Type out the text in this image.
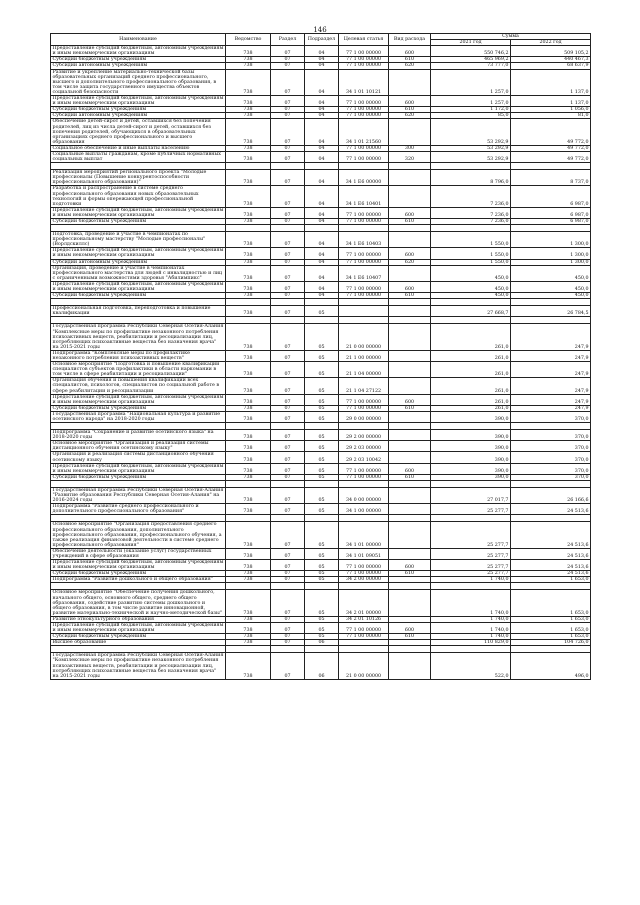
146
Наименование	Ведомство	Раздел	Подраздел	Целевая статья	Вид расхода	Сумма	
						2021 год	2022 год
Предоставление субсидий бюджетным, автономным учреждениям и иным некоммерческим организациям	738	07	04	77 1 00 00000	600	550 746,2	509 105,2
Субсидии бюджетным учреждениям	738	07	04	77 1 00 00000	610	465 969,2	440 467,3
Субсидии автономным учреждениям	738	07	04	77 1 00 00000	620	73 777,0	68 637,9
Развитие и укрепление материально-технической базы образовательных организаций среднего профессионального, высшего и дополнительного профессионального образования, в том числе защита государственного имущества объектов социальной безопасности	738	07	04	34 1 01 10121		1 257,0	1 137,0
Предоставление субсидий бюджетным, автономным учреждениям и иным некоммерческим организациям	738	07	04	77 1 00 00000	600	1 257,0	1 137,0
Субсидии бюджетным учреждениям	738	07	04	77 1 00 00000	610	1 172,0	1 056,0
Субсидии автономным учреждениям	738	07	04	77 1 00 00000	620	85,0	81,0
Обеспечение детей-сирот и детей, оставшихся без попечения родителей, лиц из числа детей-сирот и детей, оставшихся без попечения родителей, обучающихся в образовательных организациях среднего профессионального и высшего образования	738	07	04	34 1 01 21560		53 292,9	49 772,0
Социальное обеспечение и иные выплаты населению	738	07	04	77 1 00 00000	300	53 292,9	49 772,0
Социальные выплаты гражданам, кроме публичных нормативных социальных выплат	738	07	04	77 1 00 00000	320	53 292,9	49 772,0

Реализация мероприятий регионального проекта "Молодые профессионалы (Повышение конкурентоспособности профессионального образования)"	738	07	04	34 1 E6 00000		8 796,0	8 737,0
Разработка и распространение в системе среднего профессионального образования новых образовательных технологий и формы опережающей профессиональной подготовки	738	07	04	34 1 E6 10401		7 236,0	6 987,0
Предоставление субсидий бюджетным, автономным учреждениям и иным некоммерческим организациям	738	07	04	77 1 00 00000	600	7 236,0	6 987,0
Субсидии бюджетным учреждениям	738	07	04	77 1 00 00000	610	7 236,0	6 987,0

Подготовка, проведение и участие в чемпионатах по профессиональному мастерству "Молодые профессионалы" (Ворлдскиллс)	738	07	04	34 1 E6 10403		1 550,0	1 300,0
Предоставление субсидий бюджетным, автономным учреждениям и иным некоммерческим организациям	738	07	04	77 1 00 00000	600	1 550,0	1 300,0
Субсидии автономным учреждениям	738	07	04	77 1 00 00000	620	1 550,0	1 300,0
Организация, проведение и участие в чемпионатах профессионального мастерства для людей с инвалидностью и лиц с ограниченными возможностями здоровья "Абилимпикс"	738	07	04	34 1 E6 10407		450,0	450,0
Предоставление субсидий бюджетным, автономным учреждениям и иным некоммерческим организациям	738	07	04	77 1 00 00000	600	450,0	450,0
Субсидии бюджетным учреждениям	738	07	04	77 1 00 00000	610	450,0	450,0

Профессиональная подготовка, переподготовка и повышение квалификации	738	07	05			27 668,7	26 784,5

Государственная программа Республики Северная Осетия-Алания "Комплексные меры по профилактике незаконного потребления психоактивных веществ, реабилитации и ресоциализации лиц, потребляющих психоактивные вещества без назначения врача" на 2015-2021 годы	738	07	05	21 0 00 00000		261,0	247,9
Подпрограмма "Комплексные меры по профилактике незаконного потребления психоактивных веществ"	738	07	05	21 1 00 00000		261,0	247,9
Основное мероприятие "Подготовка и повышение квалификации специалистов субъектов профилактики в области наркомании в том числе в сфере реабилитации и ресоциализации"	738	07	05	21 1 04 00000		261,0	247,9
Организация обучения и повышения квалификации всех специалистов, психологов, специалистов по социальной работе в сфере реабилитации и ресоциализации	738	07	05	21 1 04 27122		261,0	247,9
Предоставление субсидий бюджетным, автономным учреждениям и иным некоммерческим организациям	738	07	05	77 1 00 00000	600	261,0	247,9
Субсидии бюджетным учреждениям	738	07	05	77 1 00 00000	610	261,0	247,9
Государственная программа "Национальная культура и развитие осетинского народа" на 2018-2020 годы	738	07	05	29 0 00 00000		390,0	370,0

Подпрограмма "Сохранение и развитие осетинского языка" на 2018-2020 годы	738	07	05	29 2 00 00000		390,0	370,0
Основное мероприятие "Организация и реализация системы дистанционного обучения осетинскому языку"	738	07	05	29 2 03 00000		390,0	370,0
Организация и реализация системы дистанционного обучения осетинскому языку	738	07	05	29 2 03 10042		390,0	370,0
Предоставление субсидий бюджетным, автономным учреждениям и иным некоммерческим организациям	738	07	05	77 1 00 00000	600	390,0	370,0
Субсидии бюджетным учреждениям	738	07	05	77 1 00 00000	610	390,0	370,0

Государственная программа Республики Северная Осетия-Алания "Развитие образования Республики Северная Осетия-Алания" на 2016-2024 годы	738	07	05	34 0 00 00000		27 017,7	26 166,6
Подпрограмма "Развитие среднего профессионального и дополнительного профессионального образования"	738	07	05	34 1 00 00000		25 277,7	24 513,6

Основное мероприятие "Организация предоставления среднего профессионального образования, дополнительного профессионального образования, профессионального обучения, а также реализация финансовой деятельности в системе среднего профессионального образования"	738	07	05	34 1 01 00000		25 277,7	24 513,6
Обеспечение деятельности (оказание услуг) государственных учреждений в сфере образования	738	07	05	34 1 01 09051		25 277,7	24 513,6
Предоставление субсидий бюджетным, автономным учреждениям и иным некоммерческим организациям	738	07	05	77 1 00 00000	600	25 277,7	24 513,6
Субсидии бюджетным учреждениям	738	07	05	77 1 00 00000	610	25 277,7	24 513,6
Подпрограмма "Развитие дошкольного и общего образования"	738	07	05	34 2 00 00000		1 740,0	1 653,0

Основное мероприятие "Обеспечение получения дошкольного, начального общего, основного общего, среднего общего образования, содействие развитию системы дошкольного и общего образования, в том числе развитие инновационной, развитие материально-технической и научно-методической базы"	738	07	05	34 2 01 00000		1 740,0	1 653,0
Развитие этнокультурного образования	738	07	05	34 2 01 10126		1 740,0	1 653,0
Предоставление субсидий бюджетным, автономным учреждениям и иным некоммерческим организациям	738	07	05	77 1 00 00000	600	1 740,0	1 653,0
Субсидии бюджетным учреждениям	738	07	05	77 1 00 00000	610	1 740,0	1 653,0
Высшее образование	738	07	06			110 829,0	104 726,0

Государственная программа Республики Северная Осетия-Алания "Комплексные меры по профилактике незаконного потребления психоактивных веществ, реабилитации и ресоциализации лиц, потребляющих психоактивные вещества без назначения врача" на 2015-2021 годы	738	07	06	21 0 00 00000		522,0	496,0
